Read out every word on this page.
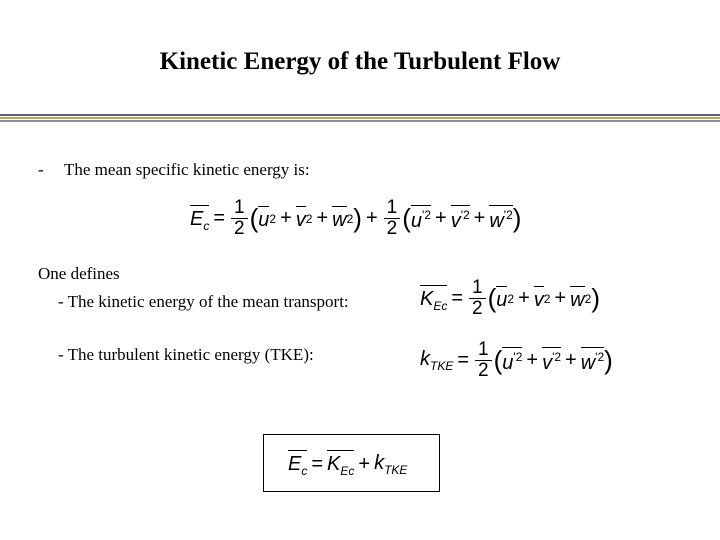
Kinetic Energy of the Turbulent Flow
- The mean specific kinetic energy is:
$E_c = \frac{1}{2}$ ( u 2 + v 2 + w 2 ) + $\frac{1}{2}$ ( $u^{'2} + v^{'2} + w^{'2}$ )
One defines
- The kinetic energy of the mean transport:
- The turbulent kinetic energy (TKE):
$K_{Ec} = \frac{1}{2}$ ( u 2 + v 2 + w 2 )
$k_{TKE} = \frac{1}{2}$ ( $u^{'2} + v^{'2} + w^{'2}$ )
$E_c = K_{Ec} + k_{TKE}$
